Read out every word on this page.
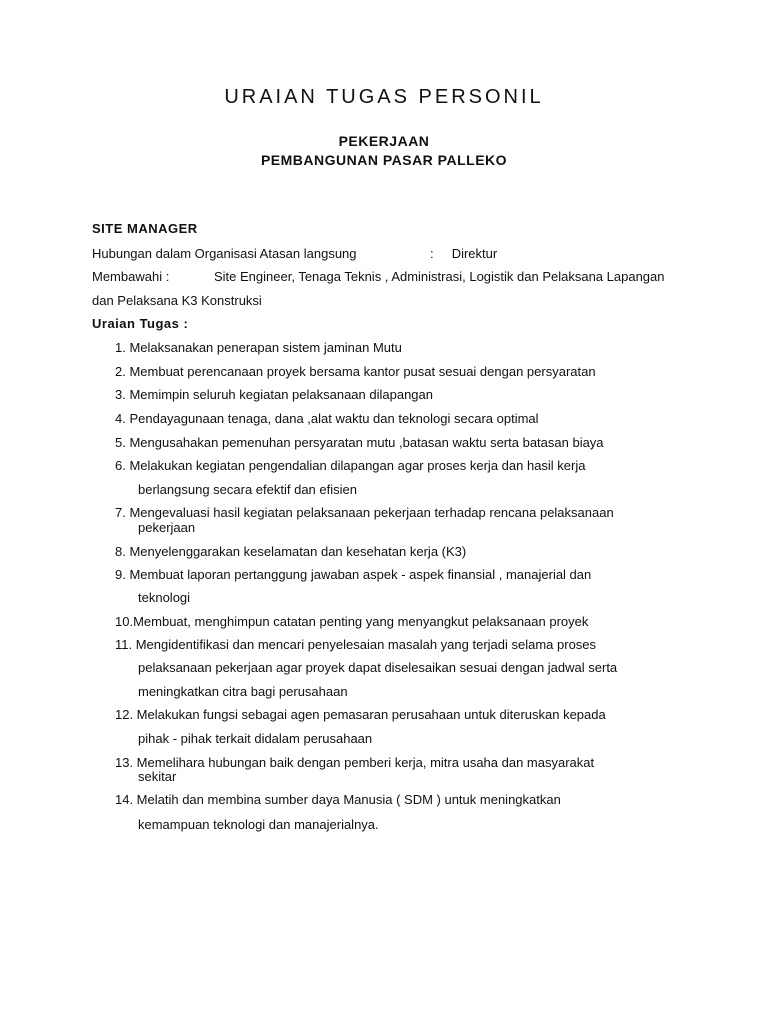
URAIAN TUGAS PERSONIL
PEKERJAAN
PEMBANGUNAN PASAR PALLEKO
SITE MANAGER
Hubungan dalam Organisasi Atasan langsung	: Direktur
Membawahi :	Site Engineer, Tenaga Teknis , Administrasi, Logistik dan Pelaksana Lapangan
dan Pelaksana K3 Konstruksi
Uraian Tugas :
1. Melaksanakan penerapan sistem jaminan Mutu
2. Membuat perencanaan proyek bersama kantor pusat sesuai dengan persyaratan
3. Memimpin seluruh kegiatan pelaksanaan dilapangan
4. Pendayagunaan tenaga, dana ,alat waktu dan teknologi secara optimal
5. Mengusahakan pemenuhan persyaratan mutu ,batasan waktu serta batasan biaya
6. Melakukan kegiatan pengendalian dilapangan agar proses kerja dan hasil kerja
berlangsung secara efektif dan efisien
7. Mengevaluasi hasil kegiatan pelaksanaan pekerjaan terhadap rencana pelaksanaan
pekerjaan
8. Menyelenggarakan keselamatan dan kesehatan kerja (K3)
9. Membuat laporan pertanggung jawaban aspek - aspek finansial , manajerial dan
teknologi
10.Membuat, menghimpun catatan penting yang menyangkut pelaksanaan proyek
11. Mengidentifikasi dan mencari penyelesaian masalah yang terjadi selama proses
pelaksanaan pekerjaan agar proyek dapat diselesaikan sesuai dengan jadwal serta
meningkatkan citra bagi perusahaan
12. Melakukan fungsi sebagai agen pemasaran perusahaan untuk diteruskan kepada
pihak - pihak terkait didalam perusahaan
13. Memelihara hubungan baik dengan pemberi kerja, mitra usaha dan masyarakat
sekitar
14. Melatih dan membina sumber daya Manusia ( SDM ) untuk meningkatkan
kemampuan teknologi dan manajerialnya.
